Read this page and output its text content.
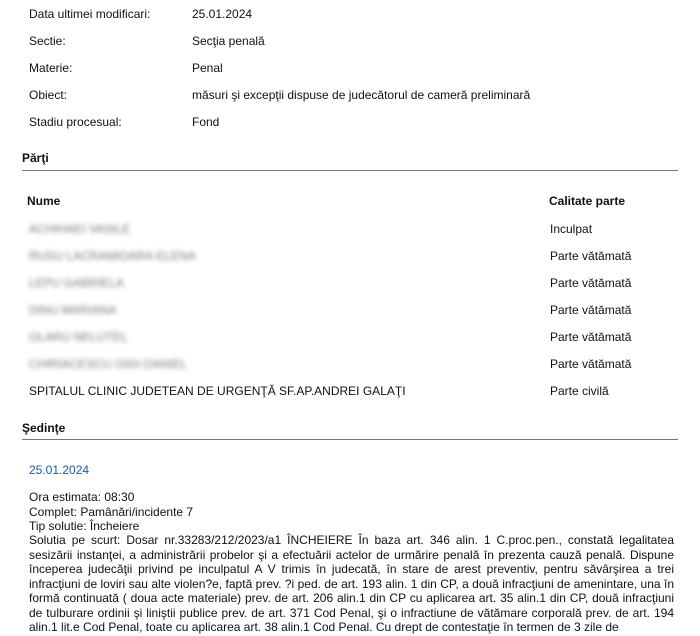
Data ultimei modificari:	25.01.2024
Sectie:	Secţia penală
Materie:	Penal
Obiect:	măsuri şi excepţii dispuse de judecătorul de cameră preliminară
Stadiu procesual:	Fond
Părţi
Nume	Calitate parte
ACHIHAEI VASILE	Inculpat
RUSU LACRAMIOARA ELENA	Parte vătămată
LEPU GABRIELA	Parte vătămată
DINU MARIANA	Parte vătămată
OLARU NELUTEL	Parte vătămată
CHIRIACESCU GIGI DANIEL	Parte vătămată
SPITALUL CLINIC JUDETEAN DE URGENŢĂ SF.AP.ANDREI GALAŢI	Parte civilă
Şedinţe
25.01.2024
Ora estimata: 08:30
Complet: Pamânări/incidente 7
Tip solutie: Încheiere
Solutia pe scurt: Dosar nr.33283/212/2023/a1 ÎNCHEIERE În baza art. 346 alin. 1 C.proc.pen., constată legalitatea sesizării instanţei, a administrării probelor şi a efectuării actelor de urmărire penală în prezenta cauză penală. Dispune începerea judecăţii privind pe inculpatul A V trimis în judecată, în stare de arest preventiv, pentru săvârşirea a trei infracţiuni de loviri sau alte violen?e, faptă prev. ?i ped. de art. 193 alin. 1 din CP, a două infracţiuni de amenintare, una în formă continuată ( doua acte materiale) prev. de art. 206 alin.1 din CP cu aplicarea art. 35 alin.1 din CP, două infracţiuni de tulburare ordinii şi liniştii publice prev. de art. 371 Cod Penal, şi o infractiune de vătămare corporală prev. de art. 194 alin.1 lit.e Cod Penal, toate cu aplicarea art. 38 alin.1 Cod Penal. Cu drept de contestaţie în termen de 3 zile de
